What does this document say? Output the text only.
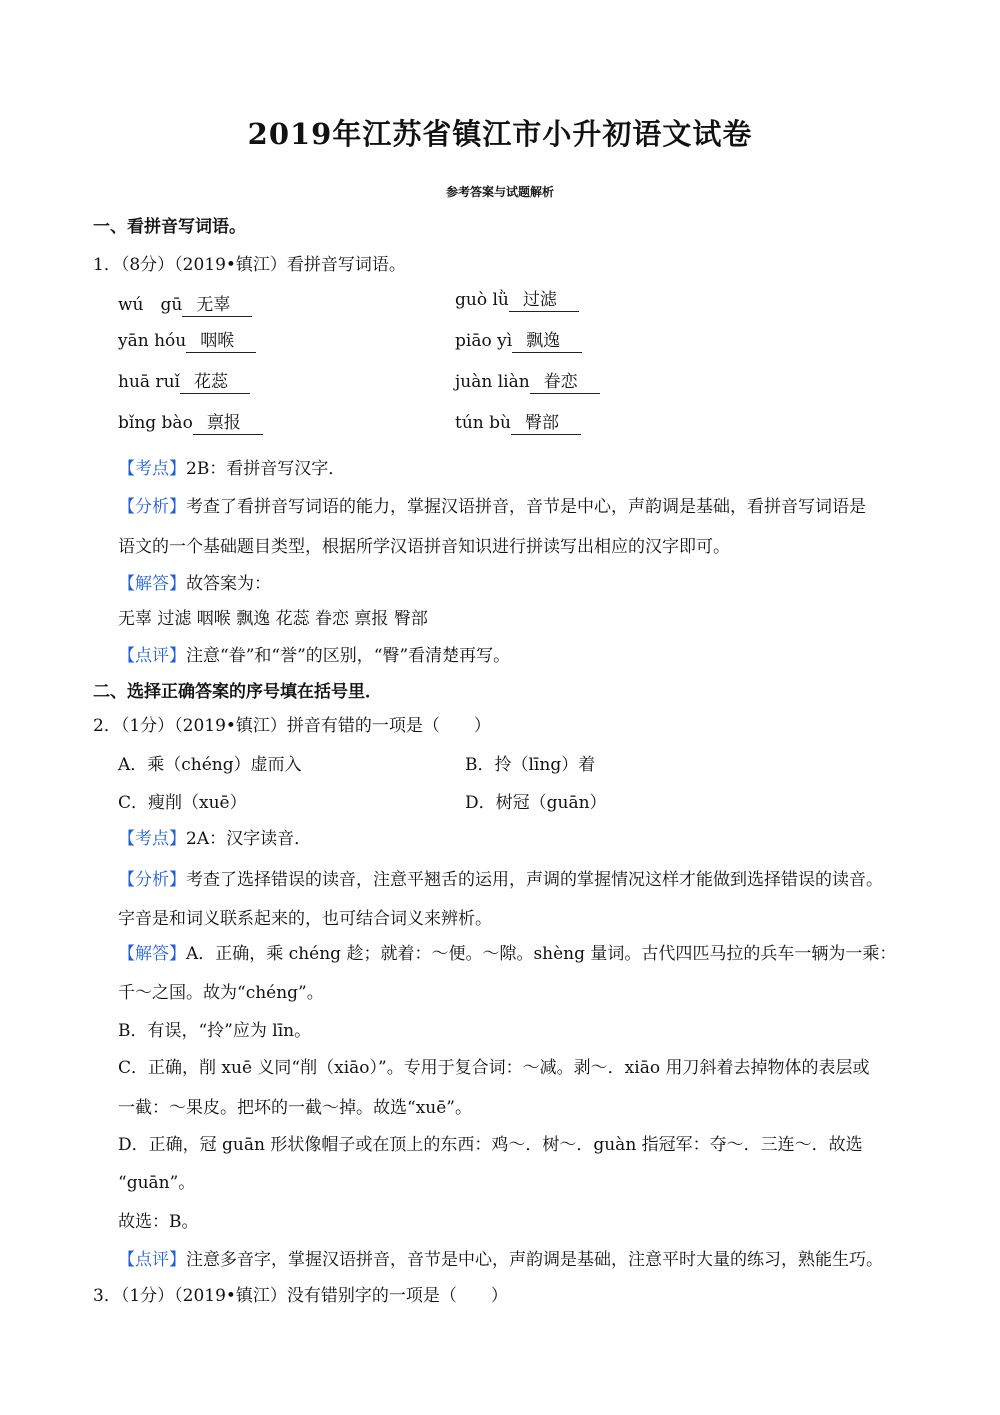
2019年江苏省镇江市小升初语文试卷
参考答案与试题解析
一、看拼音写词语。
1．（8分）（2019•镇江）看拼音写词语。
wú　gū 无辜	guò lǜ 过滤
yān hóu 咽喉	piāo yì 飘逸
huā ruǐ 花蕊	juàn liàn 眷恋
bǐng bào 禀报	tún bù 臀部
【考点】2B：看拼音写汉字．
【分析】考查了看拼音写词语的能力，掌握汉语拼音，音节是中心，声韵调是基础，看拼音写词语是
语文的一个基础题目类型，根据所学汉语拼音知识进行拼读写出相应的汉字即可。
【解答】故答案为：
无辜 过滤 咽喉 飘逸 花蕊 眷恋 禀报 臀部
【点评】注意“眷”和“誉”的区别，“臀”看清楚再写。
二、选择正确答案的序号填在括号里．
2．（1分）（2019•镇江）拼音有错的一项是（　　）
A．乘（chéng）虚而入	B．拎（līng）着
C．瘦削（xuē）	D．树冠（guān）
【考点】2A：汉字读音．
【分析】考查了选择错误的读音，注意平翘舌的运用，声调的掌握情况这样才能做到选择错误的读音。
字音是和词义联系起来的，也可结合词义来辨析。
【解答】A．正确，乘 chéng 趁；就着：～便。～隙。shèng 量词。古代四匹马拉的兵车一辆为一乘：
千～之国。故为“chéng”。
B．有误，“拎”应为 līn。
C．正确，削 xuē 义同“削（xiāo）”。专用于复合词：～减。剥～．xiāo 用刀斜着去掉物体的表层或
一截：～果皮。把坏的一截～掉。故选“xuē”。
D．正确，冠 guān 形状像帽子或在顶上的东西：鸡～．树～．guàn 指冠军：夺～．三连～．故选
“guān”。
故选：B。
【点评】注意多音字，掌握汉语拼音，音节是中心，声韵调是基础，注意平时大量的练习，熟能生巧。
3．（1分）（2019•镇江）没有错别字的一项是（　　）
